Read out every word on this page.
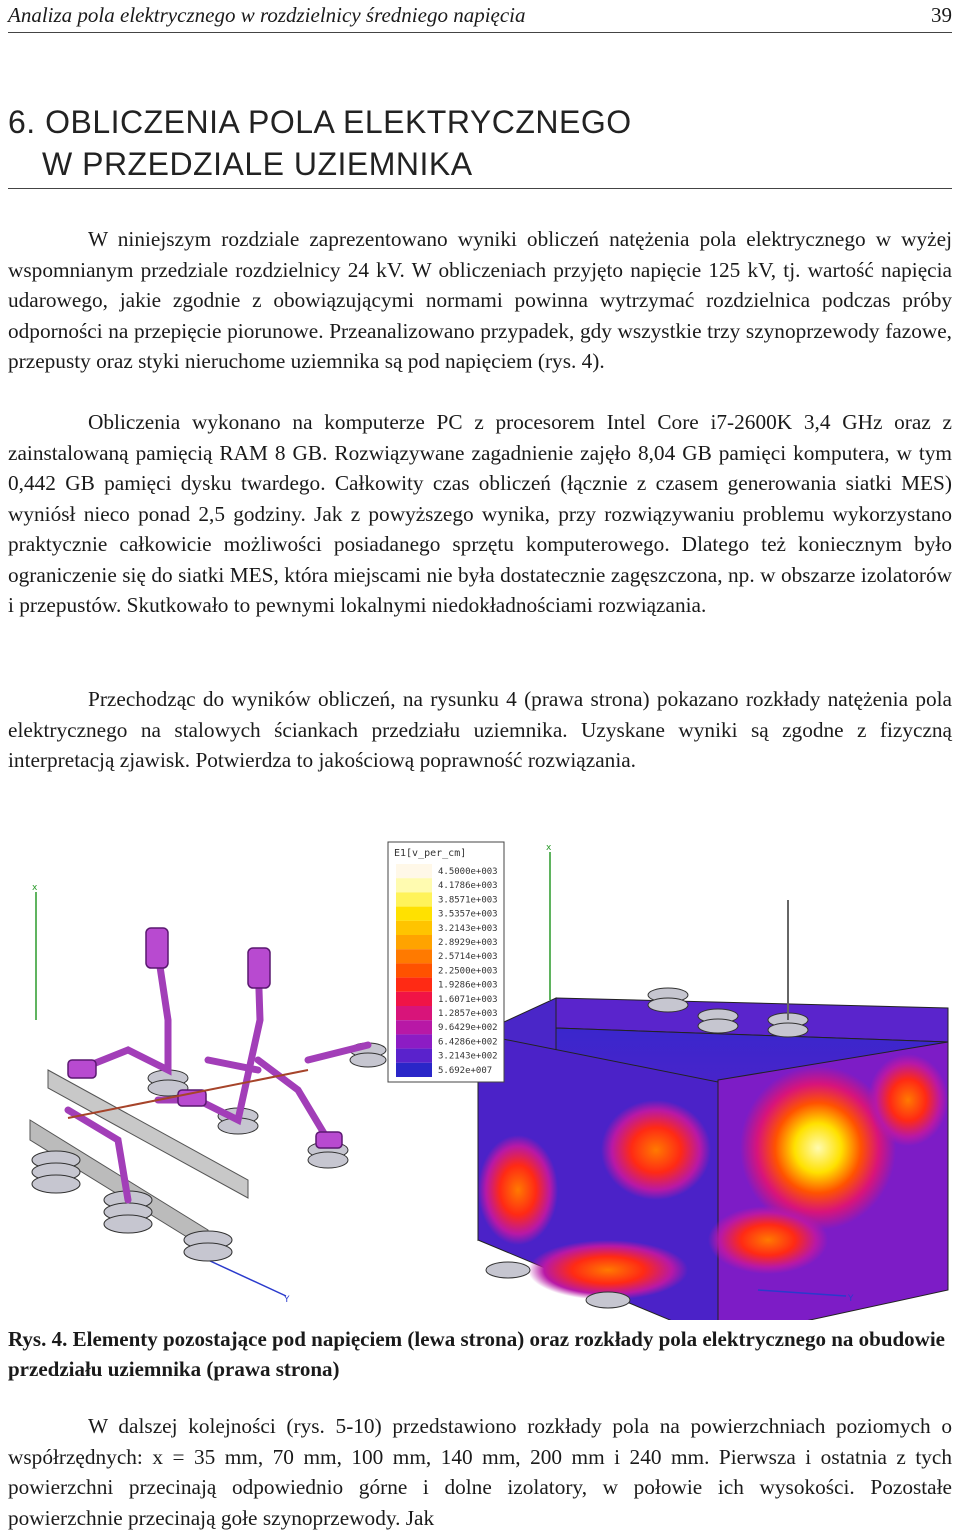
Analiza pola elektrycznego w rozdzielnicy średniego napięcia	39
6. OBLICZENIA POLA ELEKTRYCZNEGO
W PRZEDZIALE UZIEMNIKA

W niniejszym rozdziale zaprezentowano wyniki obliczeń natężenia pola elektrycznego w wyżej wspomnianym przedziale rozdzielnicy 24 kV. W obliczeniach przyjęto napięcie 125 kV, tj. wartość napięcia udarowego, jakie zgodnie z obowiązującymi normami powinna wytrzymać rozdzielnica podczas próby odporności na przepięcie piorunowe. Przeanalizowano przypadek, gdy wszystkie trzy szynoprzewody fazowe, przepusty oraz styki nieruchome uziemnika są pod napięciem (rys. 4).

Obliczenia wykonano na komputerze PC z procesorem Intel Core i7-2600K 3,4 GHz oraz z zainstalowaną pamięcią RAM 8 GB. Rozwiązywane zagadnienie zajęło 8,04 GB pamięci komputera, w tym 0,442 GB pamięci dysku twardego. Całkowity czas obliczeń (łącznie z czasem generowania siatki MES) wyniósł nieco ponad 2,5 godziny. Jak z powyższego wynika, przy rozwiązywaniu problemu wykorzystano praktycznie całkowicie możliwości posiadanego sprzętu komputerowego. Dlatego też koniecznym było ograniczenie się do siatki MES, która miejscami nie była dostatecznie zagęszczona, np. w obszarze izolatorów i przepustów. Skutkowało to pewnymi lokalnymi niedokładnościami rozwiązania.

Przechodząc do wyników obliczeń, na rysunku 4 (prawa strona) pokazano rozkłady natężenia pola elektrycznego na stalowych ściankach przedziału uziemnika. Uzyskane wyniki są zgodne z fizyczną interpretacją zjawisk. Potwierdza to jakościową poprawność rozwiązania.

x
Y
x
Y
E1[v_per_cm]
4.5000e+003
4.1786e+003
3.8571e+003
3.5357e+003
3.2143e+003
2.8929e+003
2.5714e+003
2.2500e+003
1.9286e+003
1.6071e+003
1.2857e+003
9.6429e+002
6.4286e+002
3.2143e+002
5.692e+007

Rys. 4. Elementy pozostające pod napięciem (lewa strona) oraz rozkłady pola elektrycznego na obudowie przedziału uziemnika (prawa strona)

W dalszej kolejności (rys. 5-10) przedstawiono rozkłady pola na powierzchniach poziomych o współrzędnych: x = 35 mm, 70 mm, 100 mm, 140 mm, 200 mm i 240 mm. Pierwsza i ostatnia z tych powierzchni przecinają odpowiednio górne i dolne izolatory, w połowie ich wysokości. Pozostałe powierzchnie przecinają gołe szynoprzewody. Jak
